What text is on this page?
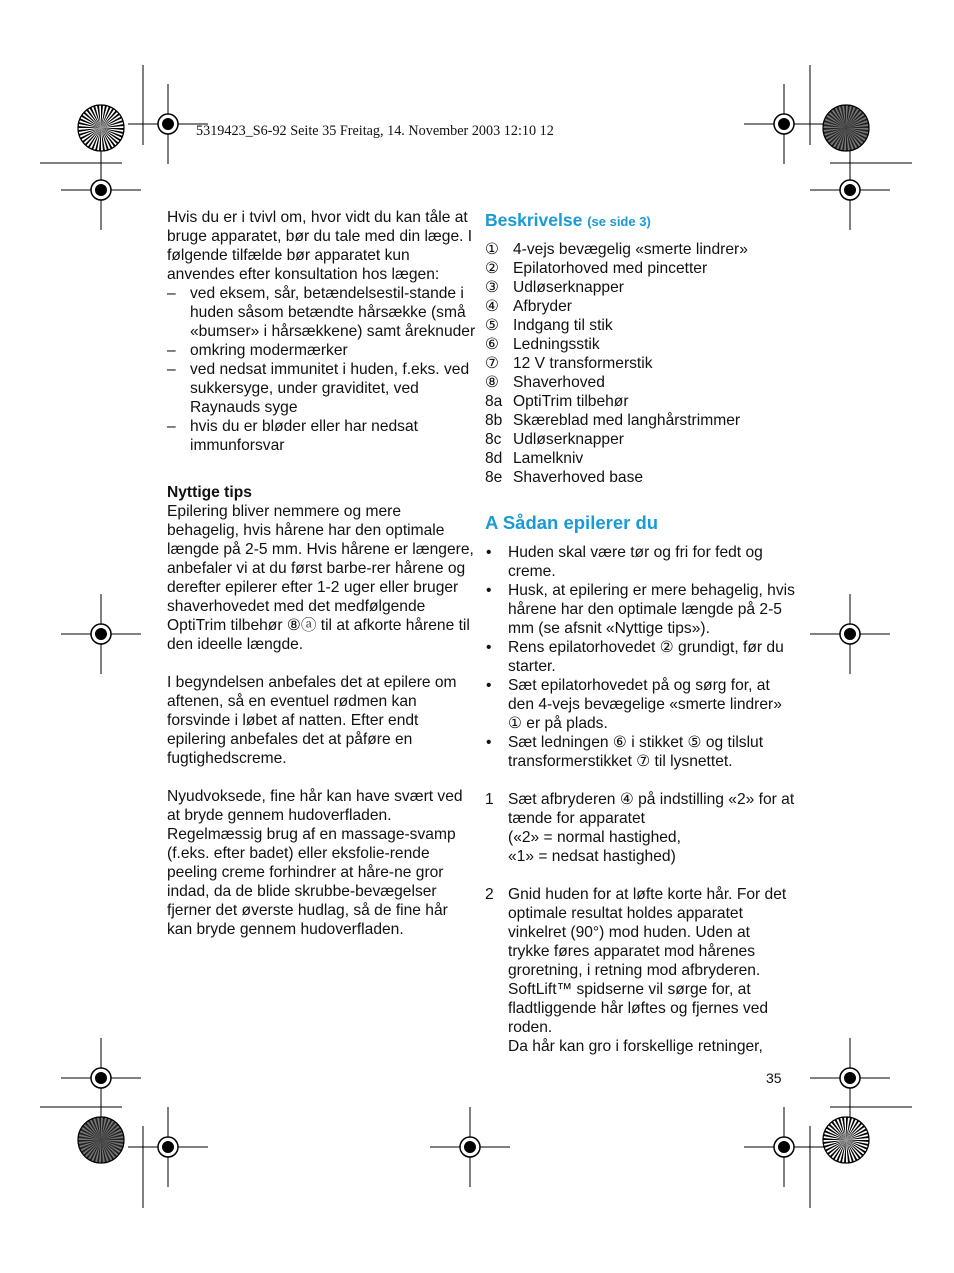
5319423_S6-92 Seite 35 Freitag, 14. November 2003 12:10 12

Hvis du er i tvivl om, hvor vidt du kan tåle at bruge apparatet, bør du tale med din læge. I følgende tilfælde bør apparatet kun anvendes efter konsultation hos lægen:

– ved eksem, sår, betændelsestil-stande i huden såsom betændte hårsække (små «bumser» i hårsækkene) samt åreknuder
– omkring modermærker
– ved nedsat immunitet i huden, f.eks. ved sukkersyge, under graviditet, ved Raynauds syge
– hvis du er bløder eller har nedsat immunforsvar

Nyttige tips

Epilering bliver nemmere og mere behagelig, hvis hårene har den optimale længde på 2-5 mm. Hvis hårene er længere, anbefaler vi at du først barbe-rer hårene og derefter epilerer efter 1-2 uger eller bruger shaverhovedet med det medfølgende OptiTrim tilbehør ⑧ⓐ til at afkorte hårene til den ideelle længde.

I begyndelsen anbefales det at epilere om aftenen, så en eventuel rødmen kan forsvinde i løbet af natten. Efter endt epilering anbefales det at påføre en fugtighedscreme.

Nyudvoksede, fine hår kan have svært ved at bryde gennem hudoverfladen. Regelmæssig brug af en massage-svamp (f.eks. efter badet) eller eksfolie-rende peeling creme forhindrer at håre-ne gror indad, da de blide skrubbe-bevægelser fjerner det øverste hudlag, så de fine hår kan bryde gennem hudoverfladen.

Beskrivelse (se side 3)
① 4-vejs bevægelig «smerte lindrer»
② Epilatorhoved med pincetter
③ Udløserknapper
④ Afbryder
⑤ Indgang til stik
⑥ Ledningsstik
⑦ 12 V transformerstik
⑧ Shaverhoved
8a OptiTrim tilbehør
8b Skæreblad med langhårstrimmer
8c Udløserknapper
8d Lamelkniv
8e Shaverhoved base
A Sådan epilerer du
• Huden skal være tør og fri for fedt og creme.
• Husk, at epilering er mere behagelig, hvis hårene har den optimale længde på 2-5 mm (se afsnit «Nyttige tips»).
• Rens epilatorhovedet ② grundigt, før du starter.
• Sæt epilatorhovedet på og sørg for, at den 4-vejs bevægelige «smerte lindrer» ① er på plads.
• Sæt ledningen ⑥ i stikket ⑤ og tilslut transformerstikket ⑦ til lysnettet.
1 Sæt afbryderen ④ på indstilling «2» for at tænde for apparatet

(«2» = normal hastighed,

«1» = nedsat hastighed)

2 Gnid huden for at løfte korte hår. For det optimale resultat holdes apparatet vinkelret (90°) mod huden. Uden at trykke føres apparatet mod hårenes groretning, i retning mod afbryderen. SoftLift™ spidserne vil sørge for, at fladtliggende hår løftes og fjernes ved roden.

Da hår kan gro i forskellige retninger,

35
